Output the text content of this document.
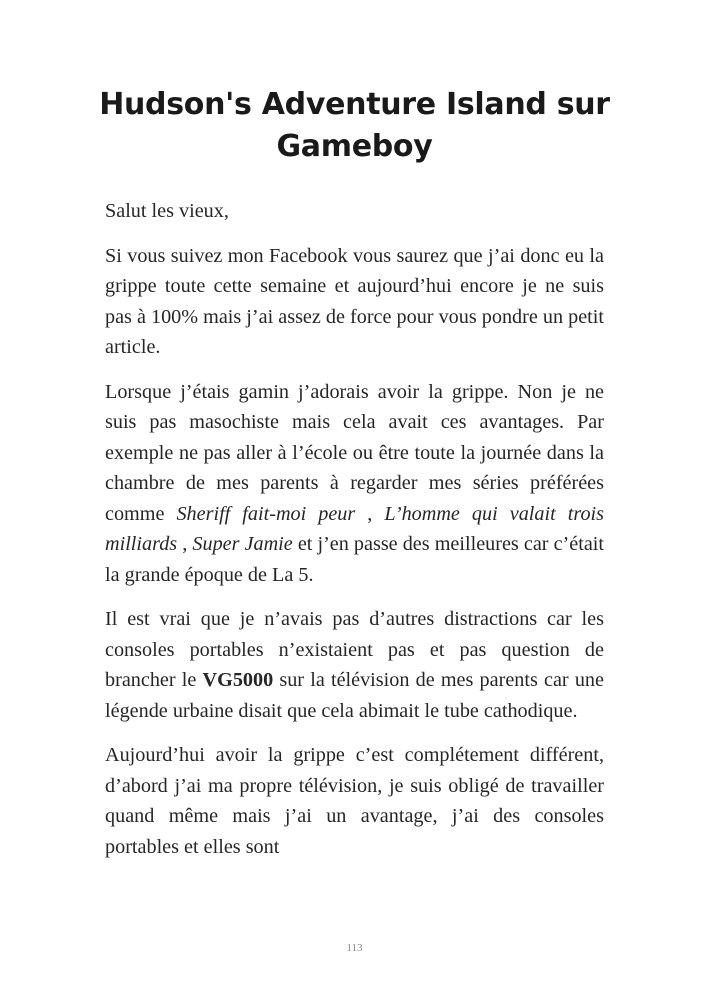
Hudson's Adventure Island sur Gameboy

Salut les vieux,

Si vous suivez mon Facebook vous saurez que j’ai donc eu la grippe toute cette semaine et aujourd’hui encore je ne suis pas à 100% mais j’ai assez de force pour vous pondre un petit article.

Lorsque j’étais gamin j’adorais avoir la grippe. Non je ne suis pas masochiste mais cela avait ces avantages. Par exemple ne pas aller à l’école ou être toute la journée dans la chambre de mes parents à regarder mes séries préférées comme Sheriff fait-moi peur , L’homme qui valait trois milliards , Super Jamie et j’en passe des meilleures car c’était la grande époque de La 5.

Il est vrai que je n’avais pas d’autres distractions car les consoles portables n’existaient pas et pas question de brancher le VG5000 sur la télévision de mes parents car une légende urbaine disait que cela abimait le tube cathodique.

Aujourd’hui avoir la grippe c’est complétement différent, d’abord j’ai ma propre télévision, je suis obligé de travailler quand même mais j’ai un avantage, j’ai des consoles portables et elles sont

113
